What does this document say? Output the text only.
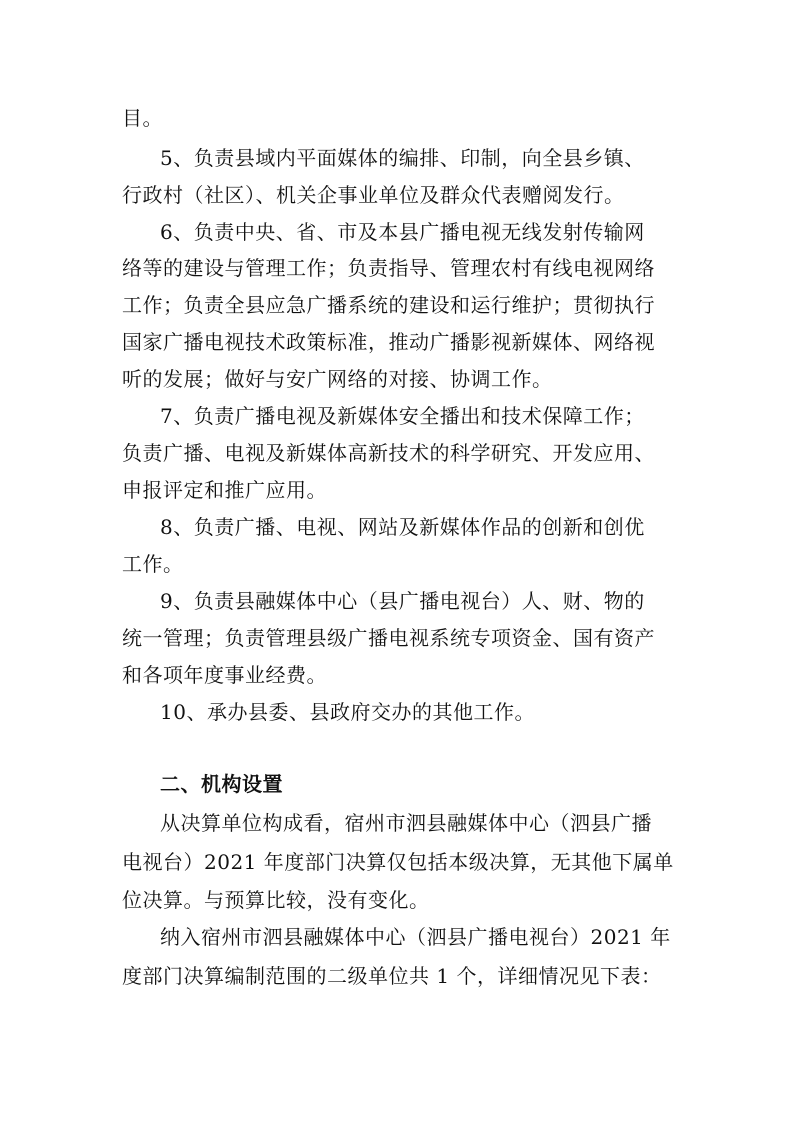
目。
5、负责县域内平面媒体的编排、印制，向全县乡镇、
行政村（社区）、机关企事业单位及群众代表赠阅发行。
6、负责中央、省、市及本县广播电视无线发射传输网
络等的建设与管理工作；负责指导、管理农村有线电视网络
工作；负责全县应急广播系统的建设和运行维护；贯彻执行
国家广播电视技术政策标准，推动广播影视新媒体、网络视
听的发展；做好与安广网络的对接、协调工作。
7、负责广播电视及新媒体安全播出和技术保障工作；
负责广播、电视及新媒体高新技术的科学研究、开发应用、
申报评定和推广应用。
8、负责广播、电视、网站及新媒体作品的创新和创优
工作。
9、负责县融媒体中心（县广播电视台）人、财、物的
统一管理；负责管理县级广播电视系统专项资金、国有资产
和各项年度事业经费。
10、承办县委、县政府交办的其他工作。
二、机构设置
从决算单位构成看，宿州市泗县融媒体中心（泗县广播
电视台）2021 年度部门决算仅包括本级决算，无其他下属单
位决算。与预算比较，没有变化。
纳入宿州市泗县融媒体中心（泗县广播电视台）2021 年
度部门决算编制范围的二级单位共 1 个，详细情况见下表：
